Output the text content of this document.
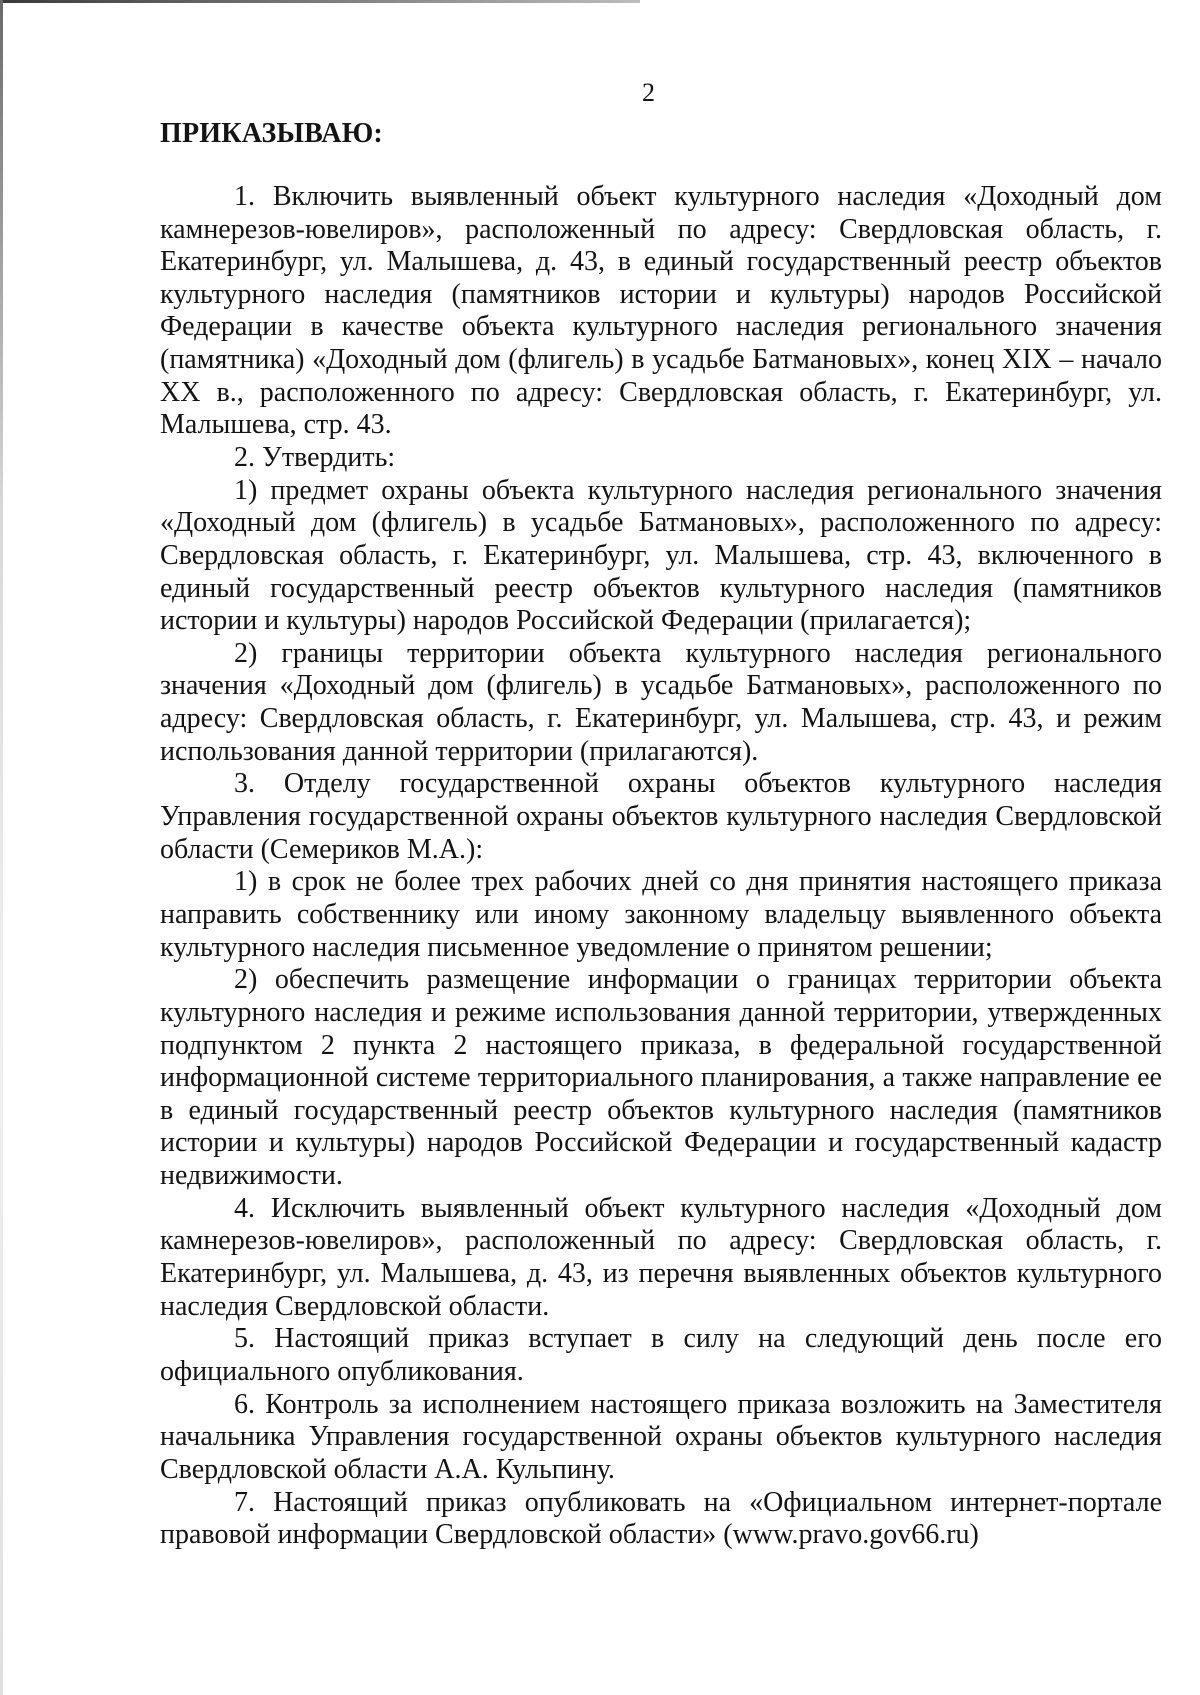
2
ПРИКАЗЫВАЮ:

1. Включить выявленный объект культурного наследия «Доходный дом камнерезов-ювелиров», расположенный по адресу: Свердловская область, г. Екатеринбург, ул. Малышева, д. 43, в единый государственный реестр объектов культурного наследия (памятников истории и культуры) народов Российской Федерации в качестве объекта культурного наследия регионального значения (памятника) «Доходный дом (флигель) в усадьбе Батмановых», конец XIX – начало XX в., расположенного по адресу: Свердловская область, г. Екатеринбург, ул. Малышева, стр. 43.

2. Утвердить:

1) предмет охраны объекта культурного наследия регионального значения «Доходный дом (флигель) в усадьбе Батмановых», расположенного по адресу: Свердловская область, г. Екатеринбург, ул. Малышева, стр. 43, включенного в единый государственный реестр объектов культурного наследия (памятников истории и культуры) народов Российской Федерации (прилагается);

2) границы территории объекта культурного наследия регионального значения «Доходный дом (флигель) в усадьбе Батмановых», расположенного по адресу: Свердловская область, г. Екатеринбург, ул. Малышева, стр. 43, и режим использования данной территории (прилагаются).

3. Отделу государственной охраны объектов культурного наследия Управления государственной охраны объектов культурного наследия Свердловской области (Семериков М.А.):

1) в срок не более трех рабочих дней со дня принятия настоящего приказа направить собственнику или иному законному владельцу выявленного объекта культурного наследия письменное уведомление о принятом решении;

2) обеспечить размещение информации о границах территории объекта культурного наследия и режиме использования данной территории, утвержденных подпунктом 2 пункта 2 настоящего приказа, в федеральной государственной информационной системе территориального планирования, а также направление ее в единый государственный реестр объектов культурного наследия (памятников истории и культуры) народов Российской Федерации и государственный кадастр недвижимости.

4. Исключить выявленный объект культурного наследия «Доходный дом камнерезов-ювелиров», расположенный по адресу: Свердловская область, г. Екатеринбург, ул. Малышева, д. 43, из перечня выявленных объектов культурного наследия Свердловской области.

5. Настоящий приказ вступает в силу на следующий день после его официального опубликования.

6. Контроль за исполнением настоящего приказа возложить на Заместителя начальника Управления государственной охраны объектов культурного наследия Свердловской области А.А. Кульпину.

7. Настоящий приказ опубликовать на «Официальном интернет-портале правовой информации Свердловской области» (www.pravo.gov66.ru)
